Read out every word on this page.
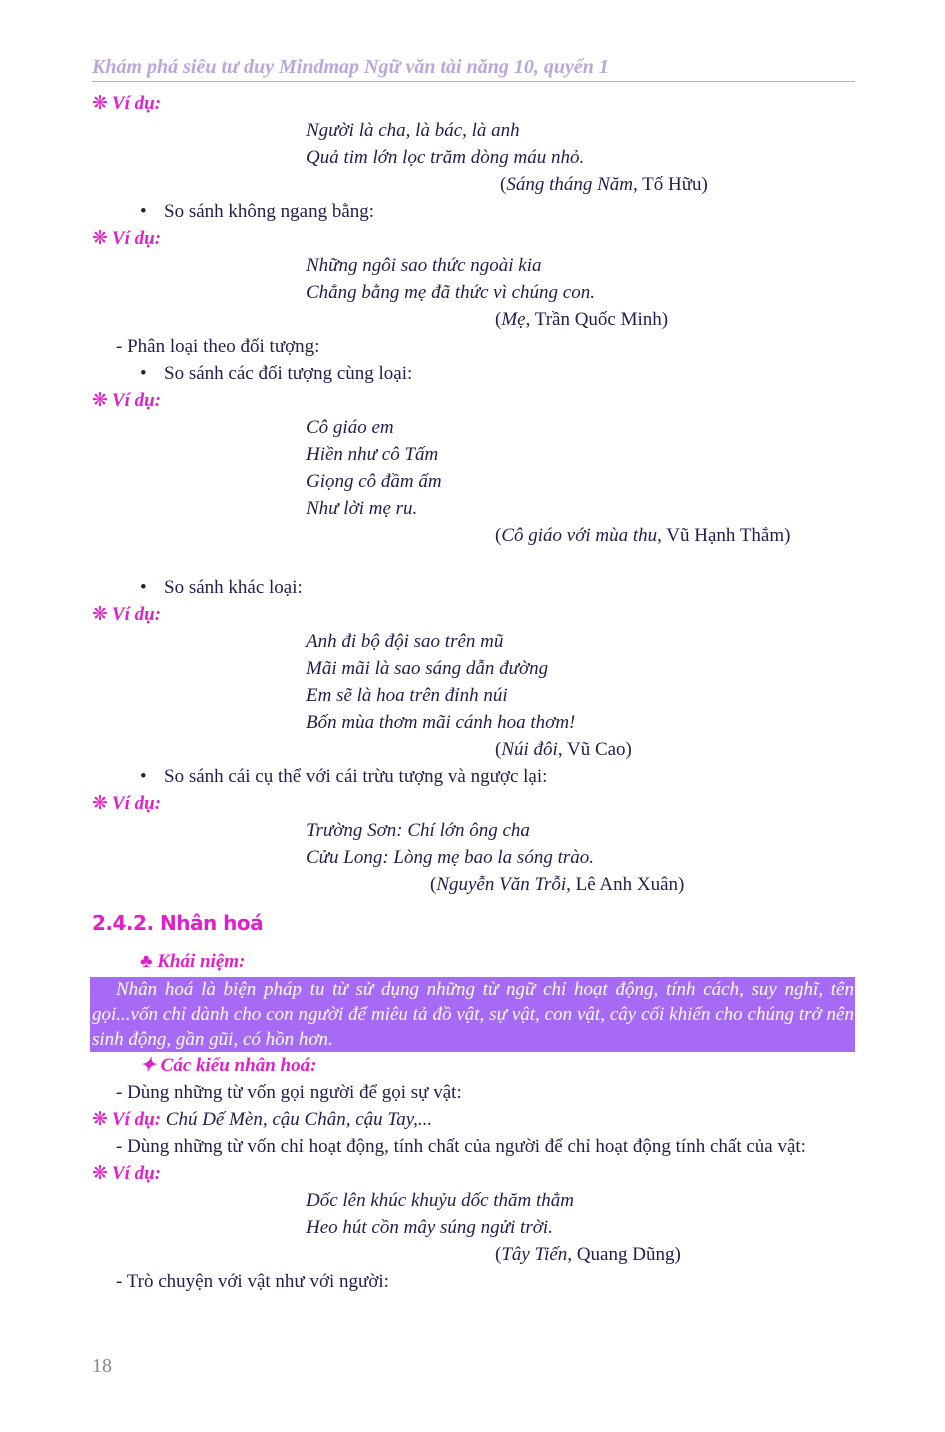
Khám phá siêu tư duy Mindmap Ngữ văn tài năng 10, quyển 1
❋ Ví dụ:
Người là cha, là bác, là anh
Quả tim lớn lọc trăm dòng máu nhỏ.
(Sáng tháng Năm, Tố Hữu)
• So sánh không ngang bằng:
❋ Ví dụ:
Những ngôi sao thức ngoài kia
Chẳng bằng mẹ đã thức vì chúng con.
(Mẹ, Trần Quốc Minh)
- Phân loại theo đối tượng:
• So sánh các đối tượng cùng loại:
❋ Ví dụ:
Cô giáo em
Hiền như cô Tấm
Giọng cô đầm ấm
Như lời mẹ ru.
(Cô giáo với mùa thu, Vũ Hạnh Thắm)
• So sánh khác loại:
❋ Ví dụ:
Anh đi bộ đội sao trên mũ
Mãi mãi là sao sáng dẫn đường
Em sẽ là hoa trên đỉnh núi
Bốn mùa thơm mãi cánh hoa thơm!
(Núi đôi, Vũ Cao)
• So sánh cái cụ thể với cái trừu tượng và ngược lại:
❋ Ví dụ:
Trường Sơn: Chí lớn ông cha
Cửu Long: Lòng mẹ bao la sóng trào.
(Nguyễn Văn Trỗi, Lê Anh Xuân)
2.4.2. Nhân hoá
♣ Khái niệm:
Nhân hoá là biện pháp tu từ sử dụng những từ ngữ chỉ hoạt động, tính cách, suy nghĩ, tên gọi...vốn chỉ dành cho con người để miêu tả đồ vật, sự vật, con vật, cây cối khiến cho chúng trở nên sinh động, gần gũi, có hồn hơn.
✦ Các kiểu nhân hoá:
- Dùng những từ vốn gọi người để gọi sự vật:
❋ Ví dụ: Chú Dế Mèn, cậu Chân, cậu Tay,...
- Dùng những từ vốn chỉ hoạt động, tính chất của người để chỉ hoạt động tính chất của vật:
❋ Ví dụ:
Dốc lên khúc khuỷu dốc thăm thẳm
Heo hút cồn mây súng ngửi trời.
(Tây Tiến, Quang Dũng)
- Trò chuyện với vật như với người:
18
